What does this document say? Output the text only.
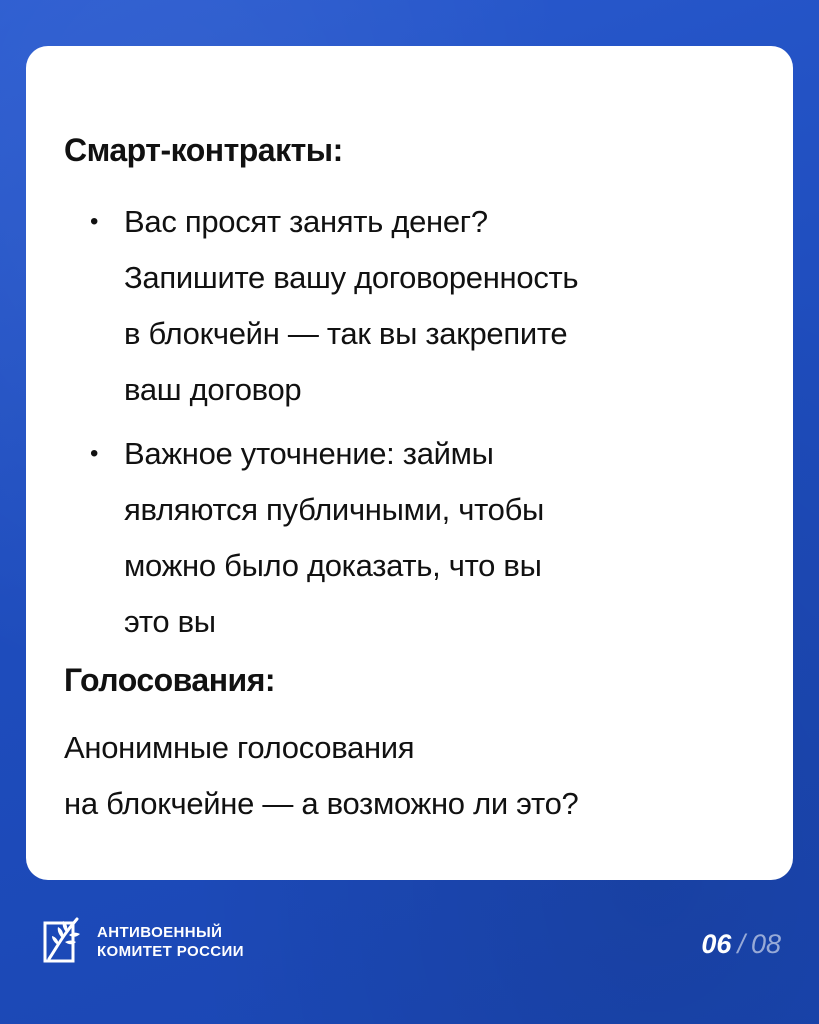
Смарт-контракты:
• Вас просят занять денег?
Запишите вашу договоренность
в блокчейн — так вы закрепите
ваш договор
• Важное уточнение: займы
являются публичными, чтобы
можно было доказать, что вы
это вы
Голосования:

Анонимные голосования
на блокчейне — а возможно ли это?

АНТИВОЕННЫЙ
КОМИТЕТ РОССИИ	06 / 08
